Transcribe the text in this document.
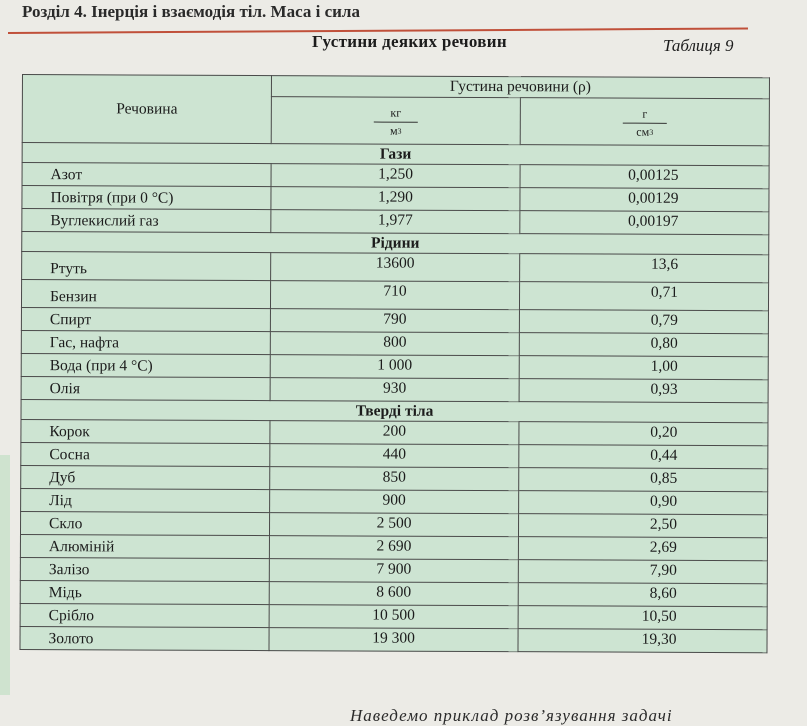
Розділ 4. Інерція і взаємодія тіл. Маса і сила
Густини деяких речовин	Таблиця 9
Речовина	Густина речовини (ρ)	

	$\frac{кг}{м^3}$	$\frac{г}{см^3}$

Гази		
Азот	1,250	0,00125
Повітря (при 0 °С)	1,290	0,00129
Вуглекислий газ	1,977	0,00197
Рідини		
Ртуть	13600	13,6
Бензин	710	0,71
Спирт	790	0,79
Гас, нафта	800	0,80
Вода (при 4 °С)	1 000	1,00
Олія	930	0,93
Тверді тіла		
Корок	200	0,20
Сосна	440	0,44
Дуб	850	0,85
Лід	900	0,90
Скло	2 500	2,50
Алюміній	2 690	2,69
Залізо	7 900	7,90
Мідь	8 600	8,60
Срібло	10 500	10,50
Золото	19 300	19,30
Наведемо приклад розв’язування задачі
